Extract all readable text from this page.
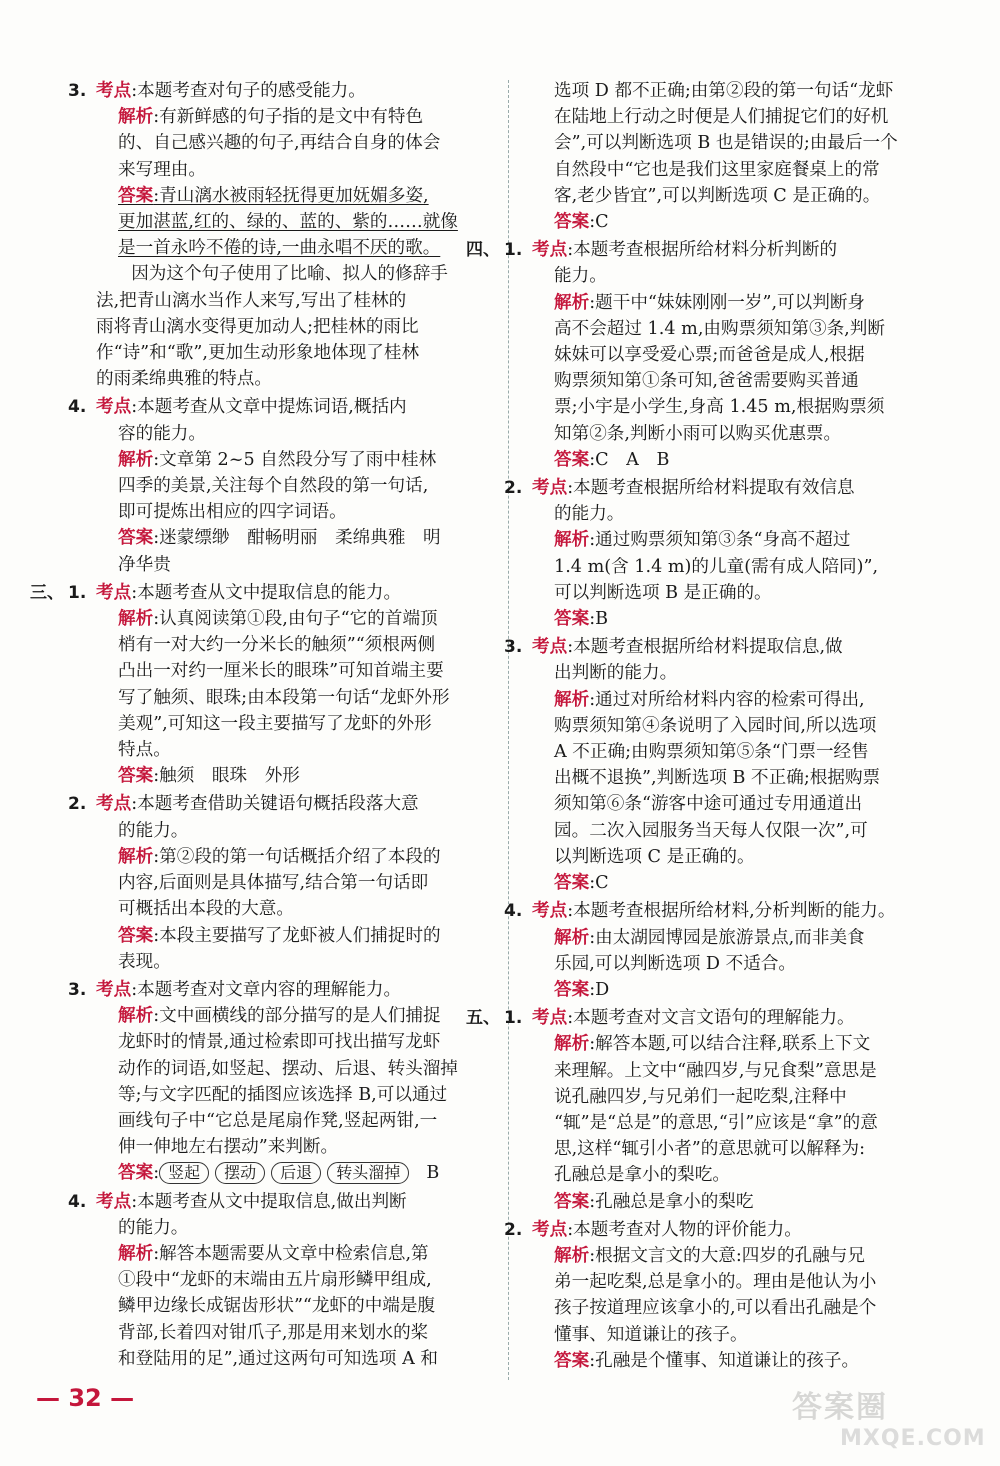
3. 考点:本题考查对句子的感受能力。
解析:有新鲜感的句子指的是文中有特色
的、自己感兴趣的句子,再结合自身的体会
来写理由。
答案:青山漓水被雨轻抚得更加妩媚多姿,
更加湛蓝,红的、绿的、蓝的、紫的……就像
是一首永吟不倦的诗,一曲永唱不厌的歌。
因为这个句子使用了比喻、拟人的修辞手
法,把青山漓水当作人来写,写出了桂林的
雨将青山漓水变得更加动人;把桂林的雨比
作“诗”和“歌”,更加生动形象地体现了桂林
的雨柔绵典雅的特点。
4. 考点:本题考查从文章中提炼词语,概括内
容的能力。
解析:文章第 2~5 自然段分写了雨中桂林
四季的美景,关注每个自然段的第一句话,
即可提炼出相应的四字词语。
答案:迷蒙缥缈　酣畅明丽　柔绵典雅　明
净华贵
三、 1. 考点:本题考查从文中提取信息的能力。
解析:认真阅读第①段,由句子“它的首端顶
梢有一对大约一分米长的触须”“须根两侧
凸出一对约一厘米长的眼珠”可知首端主要
写了触须、眼珠;由本段第一句话“龙虾外形
美观”,可知这一段主要描写了龙虾的外形
特点。
答案:触须　眼珠　外形
2. 考点:本题考查借助关键语句概括段落大意
的能力。
解析:第②段的第一句话概括介绍了本段的
内容,后面则是具体描写,结合第一句话即
可概括出本段的大意。
答案:本段主要描写了龙虾被人们捕捉时的
表现。
3. 考点:本题考查对文章内容的理解能力。
解析:文中画横线的部分描写的是人们捕捉
龙虾时的情景,通过检索即可找出描写龙虾
动作的词语,如竖起、摆动、后退、转头溜掉
等;与文字匹配的插图应该选择 B,可以通过
画线句子中“它总是尾扇作凳,竖起两钳,一
伸一伸地左右摆动”来判断。
答案: 竖起 摆动 后退 转头溜掉 B
4. 考点:本题考查从文中提取信息,做出判断
的能力。
解析:解答本题需要从文章中检索信息,第
①段中“龙虾的末端由五片扇形鳞甲组成,
鳞甲边缘长成锯齿形状”“龙虾的中端是腹
背部,长着四对钳爪子,那是用来划水的桨
和登陆用的足”,通过这两句可知选项 A 和
选项 D 都不正确;由第②段的第一句话“龙虾
在陆地上行动之时便是人们捕捉它们的好机
会”,可以判断选项 B 也是错误的;由最后一个
自然段中“它也是我们这里家庭餐桌上的常
客,老少皆宜”,可以判断选项 C 是正确的。
答案:C
四、 1. 考点:本题考查根据所给材料分析判断的
能力。
解析:题干中“妹妹刚刚一岁”,可以判断身
高不会超过 1.4 m,由购票须知第③条,判断
妹妹可以享受爱心票;而爸爸是成人,根据
购票须知第①条可知,爸爸需要购买普通
票;小宇是小学生,身高 1.45 m,根据购票须
知第②条,判断小雨可以购买优惠票。
答案:C　A　B
2. 考点:本题考查根据所给材料提取有效信息
的能力。
解析:通过购票须知第③条“身高不超过
1.4 m(含 1.4 m)的儿童(需有成人陪同)”,
可以判断选项 B 是正确的。
答案:B
3. 考点:本题考查根据所给材料提取信息,做
出判断的能力。
解析:通过对所给材料内容的检索可得出,
购票须知第④条说明了入园时间,所以选项
A 不正确;由购票须知第⑤条“门票一经售
出概不退换”,判断选项 B 不正确;根据购票
须知第⑥条“游客中途可通过专用通道出
园。二次入园服务当天每人仅限一次”,可
以判断选项 C 是正确的。
答案:C
4. 考点:本题考查根据所给材料,分析判断的能力。
解析:由太湖园博园是旅游景点,而非美食
乐园,可以判断选项 D 不适合。
答案:D
五、 1. 考点:本题考查对文言文语句的理解能力。
解析:解答本题,可以结合注释,联系上下文
来理解。上文中“融四岁,与兄食梨”意思是
说孔融四岁,与兄弟们一起吃梨,注释中
“辄”是“总是”的意思,“引”应该是“拿”的意
思,这样“辄引小者”的意思就可以解释为:
孔融总是拿小的梨吃。
答案:孔融总是拿小的梨吃
2. 考点:本题考查对人物的评价能力。
解析:根据文言文的大意:四岁的孔融与兄
弟一起吃梨,总是拿小的。理由是他认为小
孩子按道理应该拿小的,可以看出孔融是个
懂事、知道谦让的孩子。
答案:孔融是个懂事、知道谦让的孩子。
— 32 —	答案圈
MXQE.COM
